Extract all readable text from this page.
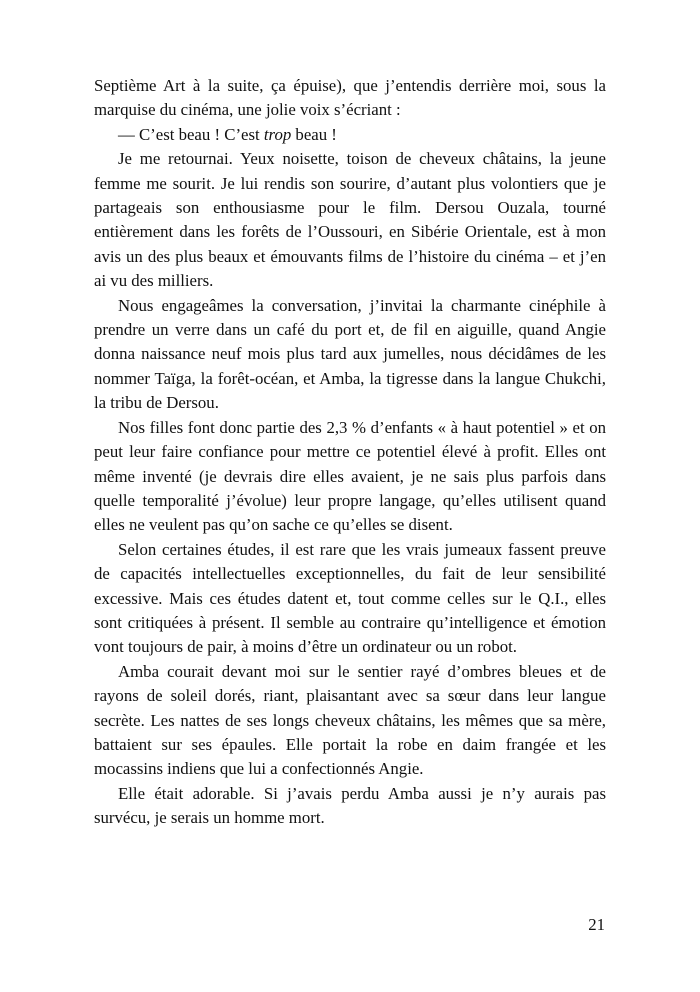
Septième Art à la suite, ça épuise), que j’entendis derrière moi, sous la marquise du cinéma, une jolie voix s’écriant :

— C’est beau ! C’est trop beau !

Je me retournai. Yeux noisette, toison de cheveux châtains, la jeune femme me sourit. Je lui rendis son sourire, d’autant plus volontiers que je partageais son enthousiasme pour le film. Dersou Ouzala, tourné entièrement dans les forêts de l’Oussouri, en Sibérie Orientale, est à mon avis un des plus beaux et émouvants films de l’histoire du cinéma – et j’en ai vu des milliers.

Nous engageâmes la conversation, j’invitai la charmante cinéphile à prendre un verre dans un café du port et, de fil en aiguille, quand Angie donna naissance neuf mois plus tard aux jumelles, nous décidâmes de les nommer Taïga, la forêt-océan, et Amba, la tigresse dans la langue Chukchi, la tribu de Dersou.

Nos filles font donc partie des 2,3 % d’enfants « à haut potentiel » et on peut leur faire confiance pour mettre ce potentiel élevé à profit. Elles ont même inventé (je devrais dire elles avaient, je ne sais plus parfois dans quelle temporalité j’évolue) leur propre langage, qu’elles utilisent quand elles ne veulent pas qu’on sache ce qu’elles se disent.

Selon certaines études, il est rare que les vrais jumeaux fassent preuve de capacités intellectuelles exceptionnelles, du fait de leur sensibilité excessive. Mais ces études datent et, tout comme celles sur le Q.I., elles sont critiquées à présent. Il semble au contraire qu’intelligence et émotion vont toujours de pair, à moins d’être un ordinateur ou un robot.

Amba courait devant moi sur le sentier rayé d’ombres bleues et de rayons de soleil dorés, riant, plaisantant avec sa sœur dans leur langue secrète. Les nattes de ses longs cheveux châtains, les mêmes que sa mère, battaient sur ses épaules. Elle portait la robe en daim frangée et les mocassins indiens que lui a confectionnés Angie.

Elle était adorable. Si j’avais perdu Amba aussi je n’y aurais pas survécu, je serais un homme mort.

21
